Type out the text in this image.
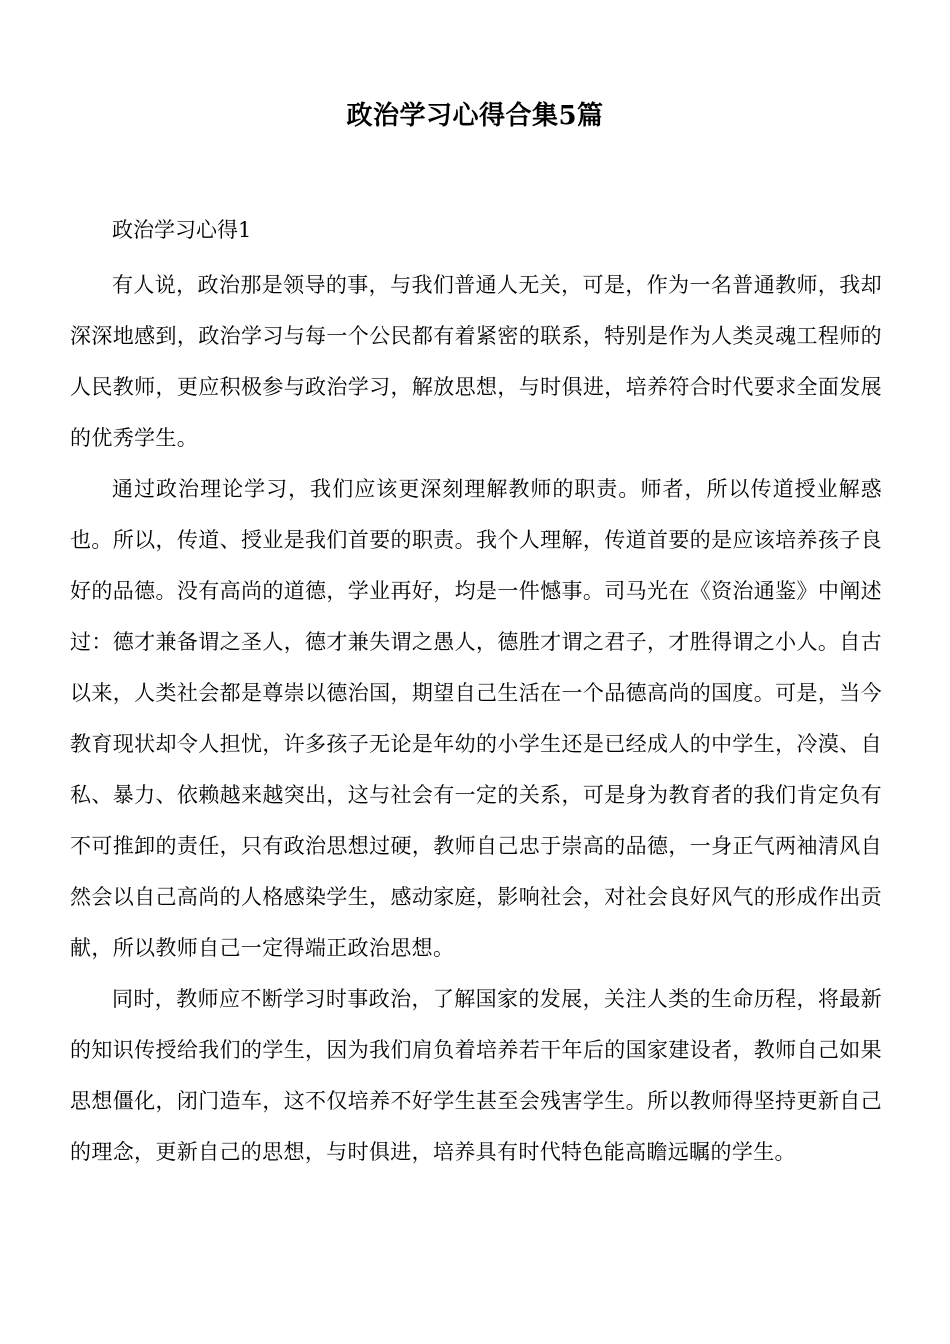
政治学习心得合集5篇

政治学习心得1

有人说，政治那是领导的事，与我们普通人无关，可是，作为一名普通教师，我却深深地感到，政治学习与每一个公民都有着紧密的联系，特别是作为人类灵魂工程师的人民教师，更应积极参与政治学习，解放思想，与时俱进，培养符合时代要求全面发展的优秀学生。

通过政治理论学习，我们应该更深刻理解教师的职责。师者，所以传道授业解惑也。所以，传道、授业是我们首要的职责。我个人理解，传道首要的是应该培养孩子良好的品德。没有高尚的道德，学业再好，均是一件憾事。司马光在《资治通鉴》中阐述过：德才兼备谓之圣人，德才兼失谓之愚人，德胜才谓之君子，才胜得谓之小人。自古以来，人类社会都是尊崇以德治国，期望自己生活在一个品德高尚的国度。可是，当今教育现状却令人担忧，许多孩子无论是年幼的小学生还是已经成人的中学生，冷漠、自私、暴力、依赖越来越突出，这与社会有一定的关系，可是身为教育者的我们肯定负有不可推卸的责任，只有政治思想过硬，教师自己忠于崇高的品德，一身正气两袖清风自然会以自己高尚的人格感染学生，感动家庭，影响社会，对社会良好风气的形成作出贡献，所以教师自己一定得端正政治思想。

同时，教师应不断学习时事政治，了解国家的发展，关注人类的生命历程，将最新的知识传授给我们的学生，因为我们肩负着培养若干年后的国家建设者，教师自己如果思想僵化，闭门造车，这不仅培养不好学生甚至会残害学生。所以教师得坚持更新自己的理念，更新自己的思想，与时俱进，培养具有时代特色能高瞻远瞩的学生。
